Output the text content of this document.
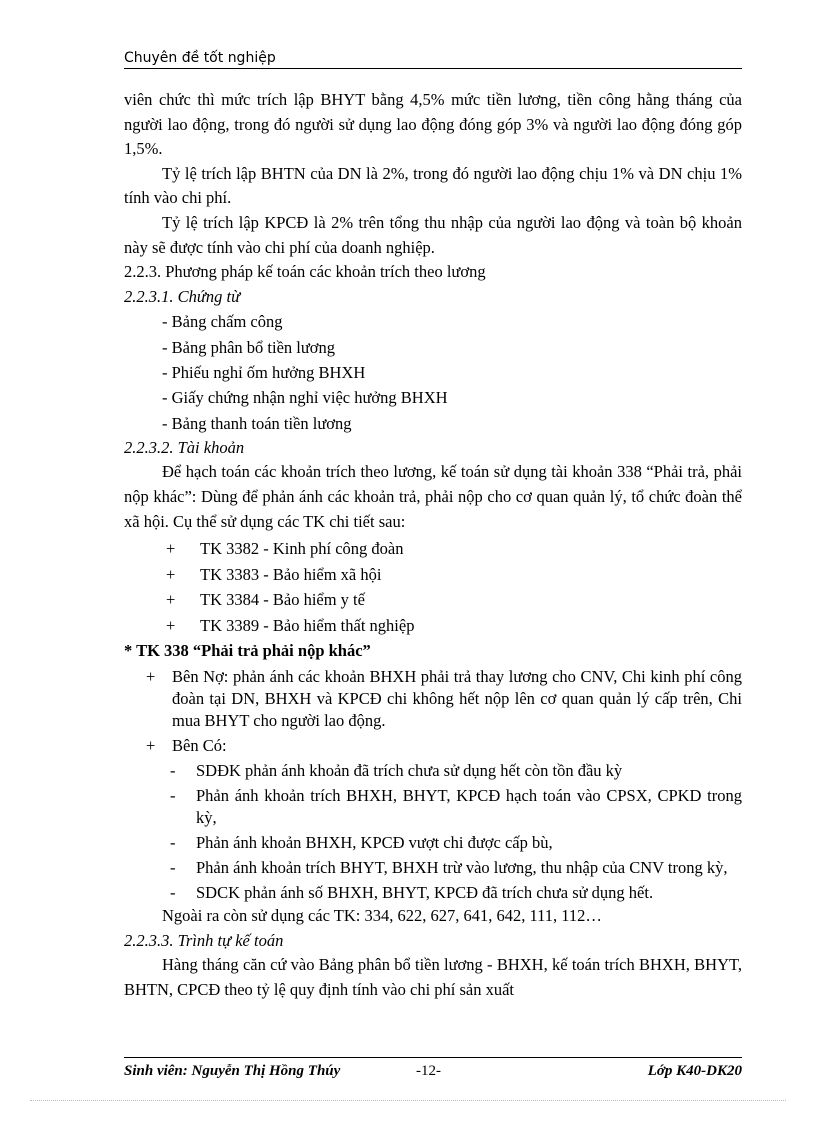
Chuyên đề tốt nghiệp

viên chức thì mức trích lập BHYT bằng 4,5% mức tiền lương, tiền công hằng tháng của người lao động, trong đó người sử dụng lao động đóng góp 3% và người lao động đóng góp 1,5%.

Tỷ lệ trích lập BHTN của DN là 2%, trong đó người lao động chịu 1% và DN chịu 1% tính vào chi phí.

Tỷ lệ trích lập KPCĐ là 2% trên tổng thu nhập của người lao động và toàn bộ khoản này sẽ được tính vào chi phí của doanh nghiệp.

2.2.3. Phương pháp kế toán các khoản trích theo lương

2.2.3.1. Chứng từ

- Bảng chấm công

- Bảng phân bổ tiền lương

- Phiếu nghỉ ốm hưởng BHXH

- Giấy chứng nhận nghỉ việc hưởng BHXH

- Bảng thanh toán tiền lương

2.2.3.2. Tài khoản

Để hạch toán các khoản trích theo lương, kế toán sử dụng tài khoản 338 “Phải trả, phải nộp khác”: Dùng để phản ánh các khoản trả, phải nộp cho cơ quan quản lý, tổ chức đoàn thể xã hội. Cụ thể sử dụng các TK chi tiết sau:

+	TK 3382 - Kinh phí công đoàn

+	TK 3383 - Bảo hiểm xã hội

+	TK 3384 - Bảo hiểm y tế

+	TK 3389 - Bảo hiểm thất nghiệp

* TK 338 “Phải trả phải nộp khác”

+	Bên Nợ: phản ánh các khoản BHXH phải trả thay lương cho CNV, Chi kinh phí công đoàn tại DN, BHXH và KPCĐ chi không hết nộp lên cơ quan quản lý cấp trên, Chi mua BHYT cho người lao động.
+	Bên Có:
-	SDĐK phản ánh khoản đã trích chưa sử dụng hết còn tồn đầu kỳ
-	Phản ánh khoản trích BHXH, BHYT, KPCĐ hạch toán vào CPSX, CPKD trong kỳ,
-	Phản ánh khoản BHXH, KPCĐ vượt chi được cấp bù,
-	Phản ánh khoản trích BHYT, BHXH trừ vào lương, thu nhập của CNV trong kỳ,
-	SDCK phản ánh số BHXH, BHYT, KPCĐ đã trích chưa sử dụng hết.

Ngoài ra còn sử dụng các TK: 334, 622, 627, 641, 642, 111, 112…

2.2.3.3. Trình tự kế toán

Hàng tháng căn cứ vào Bảng phân bổ tiền lương - BHXH, kế toán trích BHXH, BHYT, BHTN, CPCĐ theo tỷ lệ quy định tính vào chi phí sản xuất

Sinh viên: Nguyễn Thị Hồng Thúy	-12-	Lớp K40-DK20
